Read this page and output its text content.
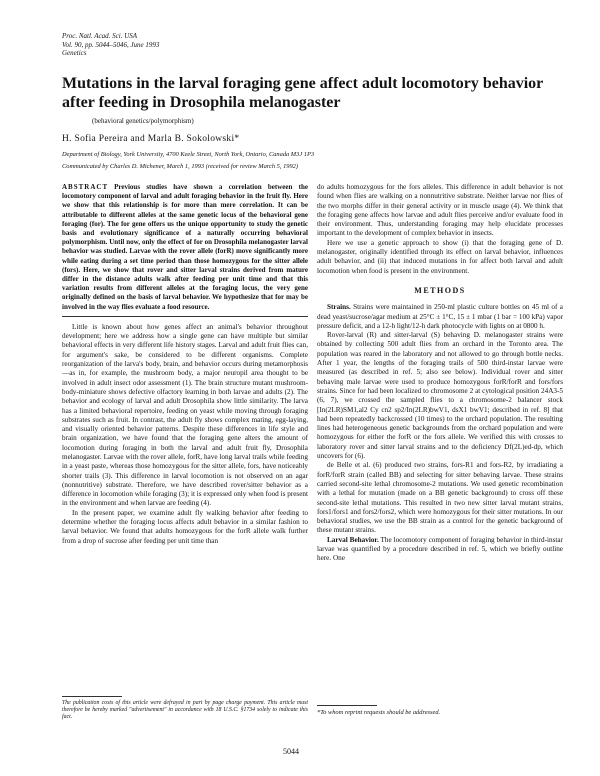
Proc. Natl. Acad. Sci. USA
Vol. 90, pp. 5044–5046, June 1993
Genetics
Mutations in the larval foraging gene affect adult locomotory behavior after feeding in Drosophila melanogaster
(behavioral genetics/polymorphism)
H. Sofia Pereira and Marla B. Sokolowski*
Department of Biology, York University, 4700 Keele Street, North York, Ontario, Canada M3J 1P3
Communicated by Charles D. Michener, March 1, 1993 (received for review March 5, 1992)
ABSTRACT Previous studies have shown a correlation between the locomotory component of larval and adult foraging behavior in the fruit fly. Here we show that this relationship is for more than mere correlation. It can be attributable to different alleles at the same genetic locus of the behavioral gene foraging (for). The for gene offers us the unique opportunity to study the genetic basis and evolutionary significance of a naturally occurring behavioral polymorphism. Until now, only the effect of for on Drosophila melanogaster larval behavior was studied. Larvae with the rover allele (forR) move significantly more while eating during a set time period than those homozygous for the sitter allele (fors). Here, we show that rover and sitter larval strains derived from mature differ in the distance adults walk after feeding per unit time and that this variation results from different alleles at the foraging locus, the very gene originally defined on the basis of larval behavior. We hypothesize that for may be involved in the way flies evaluate a food resource.

Little is known about how genes affect an animal's behavior throughout development; here we address how a single gene can have multiple but similar behavioral effects in very different life history stages. Larval and adult fruit flies can, for argument's sake, be considered to be different organisms. Complete reorganization of the larva's body, brain, and behavior occurs during metamorphosis—as in, for example, the mushroom body, a major neuropil area thought to be involved in adult insect odor assessment (1). The brain structure mutant mushroom-body-miniature shows defective olfactory learning in both larvae and adults (2). The behavior and ecology of larval and adult Drosophila show little similarity. The larva has a limited behavioral repertoire, feeding on yeast while moving through foraging substrates such as fruit. In contrast, the adult fly shows complex mating, egg-laying, and visually oriented behavior patterns. Despite these differences in life style and brain organization, we have found that the foraging gene alters the amount of locomotion during foraging in both the larval and adult fruit fly, Drosophila melanogaster. Larvae with the rover allele, forR, have long larval trails while feeding in a yeast paste, whereas those homozygous for the sitter allele, fors, have noticeably shorter trails (3). This difference in larval locomotion is not observed on an agar (nonnutritive) substrate. Therefore, we have described rover/sitter behavior as a difference in locomotion while foraging (3); it is expressed only when food is present in the environment and when larvae are feeding (4).

In the present paper, we examine adult fly walking behavior after feeding to determine whether the foraging locus affects adult behavior in a similar fashion to larval behavior. We found that adults homozygous for the forR allele walk further from a drop of sucrose after feeding per unit time than

do adults homozygous for the fors alleles. This difference in adult behavior is not found when flies are walking on a nonnutritive substrate. Neither larvae nor flies of the two morphs differ in their general activity or in muscle usage (4). We think that the foraging gene affects how larvae and adult flies perceive and/or evaluate food in their environment. Thus, understanding foraging may help elucidate processes important to the development of complex behavior in insects.

Here we use a genetic approach to show (i) that the foraging gene of D. melanogaster, originally identified through its effect on larval behavior, influences adult behavior, and (ii) that induced mutations in for affect both larval and adult locomotion when food is present in the environment.

METHODS

Strains. Strains were maintained in 250-ml plastic culture bottles on 45 ml of a dead yeast/sucrose/agar medium at 25°C ± 1°C, 15 ± 1 mbar (1 bar = 100 kPa) vapor pressure deficit, and a 12-h light/12-h dark photocycle with lights on at 0800 h.

Rover-larval (R) and sitter-larval (S) behaving D. melanogaster strains were obtained by collecting 500 adult flies from an orchard in the Toronto area. The population was reared in the laboratory and not allowed to go through bottle necks. After 1 year, the lengths of the foraging trails of 500 third-instar larvae were measured (as described in ref. 5; also see below). Individual rover and sitter behaving male larvae were used to produce homozygous forR/forR and fors/fors strains. Since for had been localized to chromosome 2 at cytological position 24A3-5 (6, 7), we crossed the sampled flies to a chromosome-2 balancer stock [In(2LR)SM1,al2 Cy cn2 sp2/In(2LR)bwV1, dsX1 bwV1; described in ref. 8] that had been repeatedly backcrossed (10 times) to the orchard population. The resulting lines had heterogeneous genetic backgrounds from the orchard population and were homozygous for either the forR or the fors allele. We verified this with crosses to laboratory rover and sitter larval strains and to the deficiency Df(2L)ed-dp, which uncovers for (6).

de Belle et al. (6) produced two strains, fors-R1 and fors-R2, by irradiating a forR/forR strain (called BB) and selecting for sitter behaving larvae. These strains carried second-site lethal chromosome-2 mutations. We used genetic recombination with a lethal for mutation (made on a BB genetic background) to cross off these second-site lethal mutations. This resulted in two new sitter larval mutant strains, fors1/fors1 and fors2/fors2, which were homozygous for their sitter mutations. In our behavioral studies, we use the BB strain as a control for the genetic background of these mutant strains.

Larval Behavior. The locomotory component of foraging behavior in third-instar larvae was quantified by a procedure described in ref. 5, which we briefly outline here. One

The publication costs of this article were defrayed in part by page charge payment. This article must therefore be hereby marked "advertisement" in accordance with 18 U.S.C. §1734 solely to indicate this fact.
*To whom reprint requests should be addressed.
5044
